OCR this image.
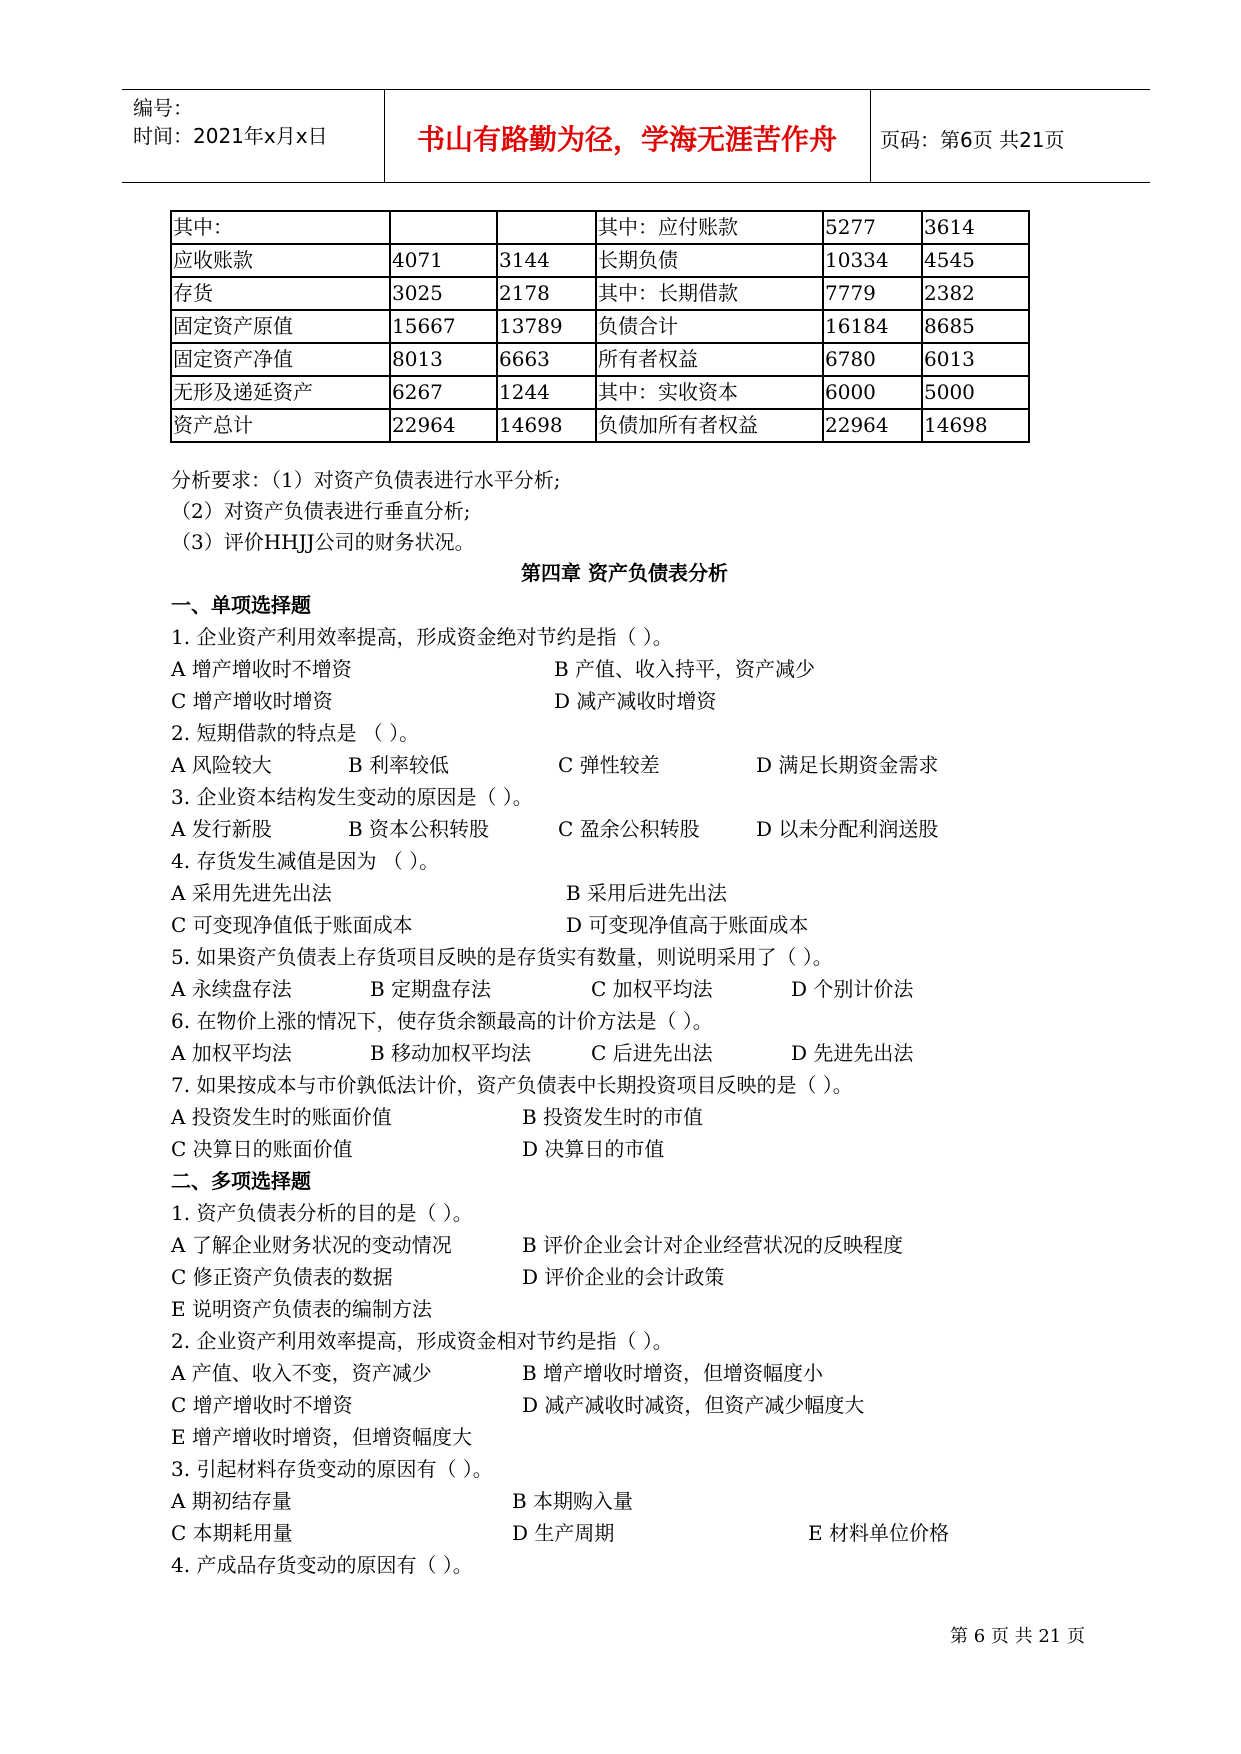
编号：
时间：2021年x月x日	书山有路勤为径，学海无涯苦作舟	页码：第6页 共21页
其中：			其中：应付账款	5277	3614
应收账款	4071	3144	长期负债	10334	4545
存货	3025	2178	其中：长期借款	7779	2382
固定资产原值	15667	13789	负债合计	16184	8685
固定资产净值	8013	6663	所有者权益	6780	6013
无形及递延资产	6267	1244	其中：实收资本	6000	5000
资产总计	22964	14698	负债加所有者权益	22964	14698
分析要求：（1）对资产负债表进行水平分析;
（2）对资产负债表进行垂直分析;
（3）评价HHJJ公司的财务状况。
第四章 资产负债表分析
一、单项选择题
1. 企业资产利用效率提高，形成资金绝对节约是指（ ）。
A 增产增收时不增资	B 产值、收入持平，资产减少
C 增产增收时增资	D 减产减收时增资
2. 短期借款的特点是 （ ）。
A 风险较大	B 利率较低	C 弹性较差	D 满足长期资金需求
3. 企业资本结构发生变动的原因是（ ）。
A 发行新股	B 资本公积转股	C 盈余公积转股	D 以未分配利润送股
4. 存货发生减值是因为 （ ）。
A 采用先进先出法	B 采用后进先出法
C 可变现净值低于账面成本	D 可变现净值高于账面成本
5. 如果资产负债表上存货项目反映的是存货实有数量，则说明采用了（ ）。
A 永续盘存法	B 定期盘存法	C 加权平均法	D 个别计价法
6. 在物价上涨的情况下，使存货余额最高的计价方法是（ ）。
A 加权平均法	B 移动加权平均法	C 后进先出法	D 先进先出法
7. 如果按成本与市价孰低法计价，资产负债表中长期投资项目反映的是（ ）。
A 投资发生时的账面价值	B 投资发生时的市值
C 决算日的账面价值	D 决算日的市值
二、多项选择题
1. 资产负债表分析的目的是（ ）。
A 了解企业财务状况的变动情况	B 评价企业会计对企业经营状况的反映程度
C 修正资产负债表的数据	D 评价企业的会计政策
E 说明资产负债表的编制方法
2. 企业资产利用效率提高，形成资金相对节约是指（ ）。
A 产值、收入不变，资产减少	B 增产增收时增资，但增资幅度小
C 增产增收时不增资	D 减产减收时减资，但资产减少幅度大
E 增产增收时增资，但增资幅度大
3. 引起材料存货变动的原因有（ ）。
A 期初结存量	B 本期购入量
C 本期耗用量	D 生产周期	E 材料单位价格
4. 产成品存货变动的原因有（ ）。
第 6 页 共 21 页
